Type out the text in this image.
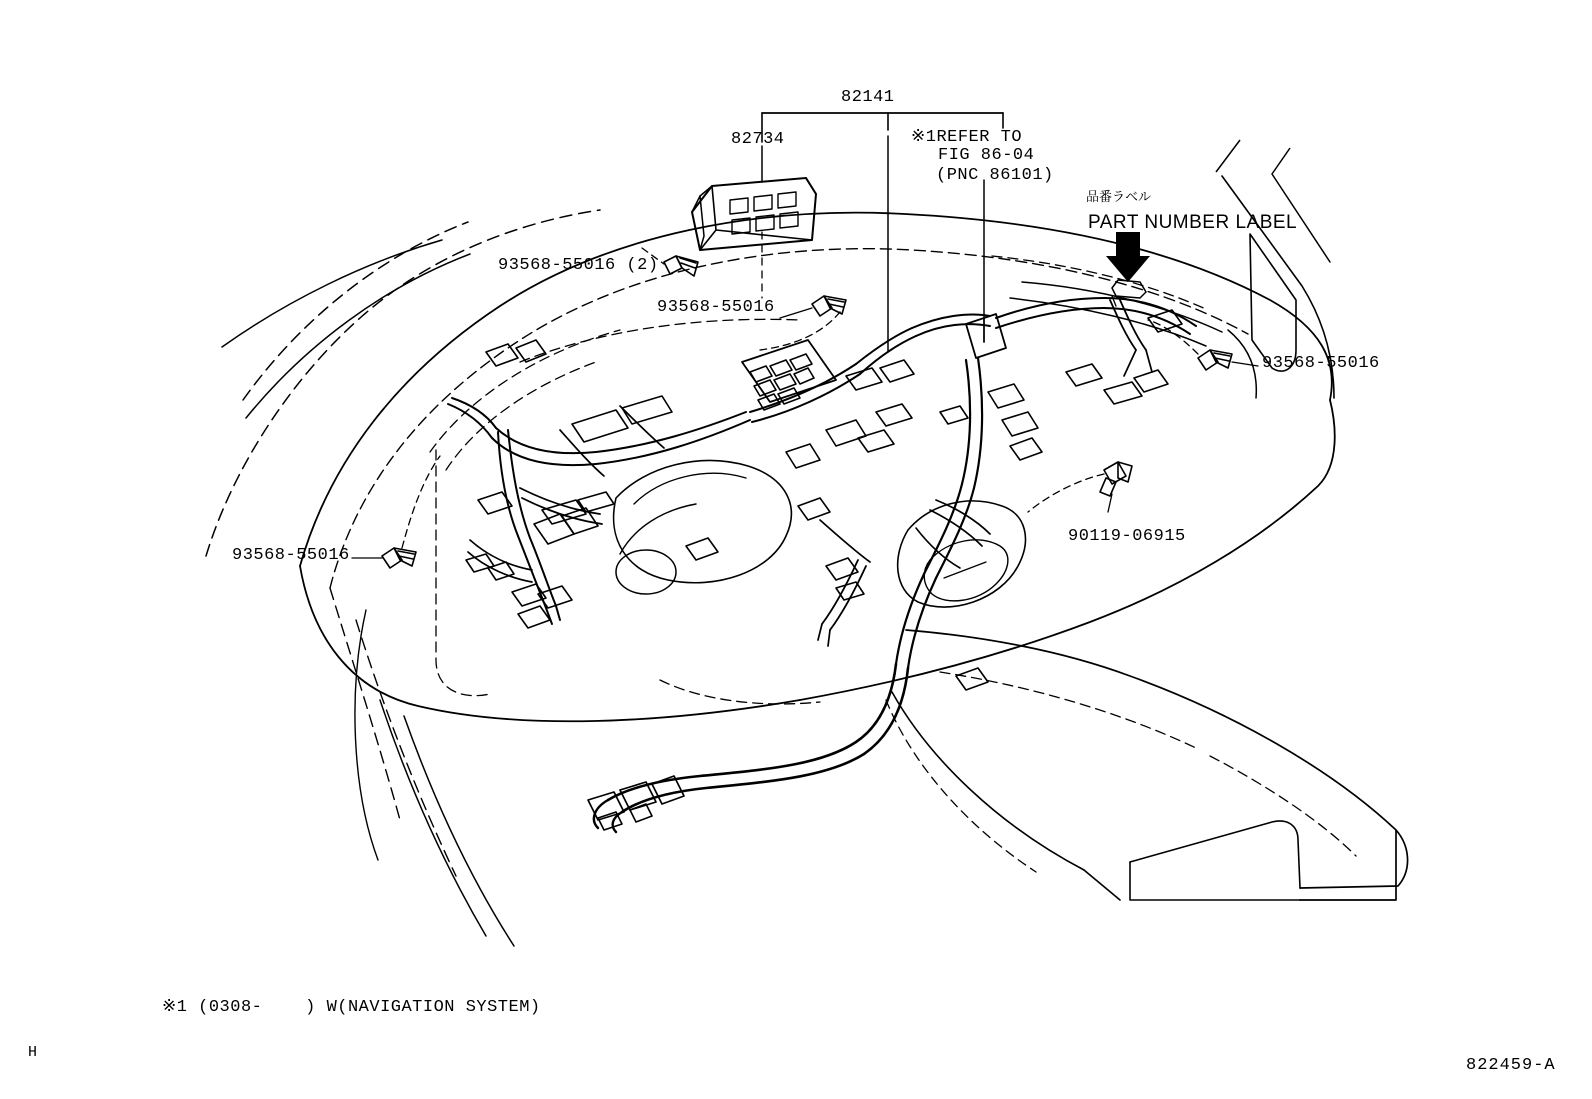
82141
82734	※1REFER TO
FIG 86-04
(PNC 86101)
品番ラベル
PART NUMBER LABEL
93568-55016 (2)
93568-55016
93568-55016
93568-55016
90119-06915
※1 (0308-    ) W(NAVIGATION SYSTEM)
H
822459-A
